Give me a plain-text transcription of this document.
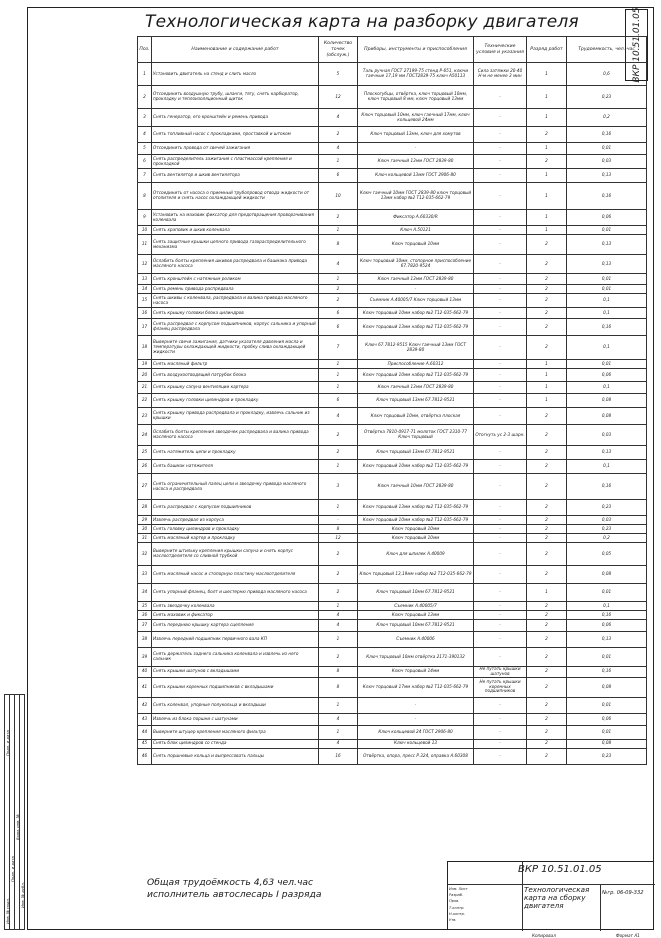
Технологическая карта на разборку двигателя	ВКР 10.51.01.05
Поз.	Наименование и содержание работ	Количество точек (обслуж.)	Приборы, инструменты и приспособления	Технические условия и указания	Разряд работ	Трудоемкость, чел.-час
1	Установить двигатель на стенд и слить масло	5	Таль ручная ГОСТ 27199-75 стенд Р-651, ключи гаечные 17,19 мм ГОСТ2839-75 ключ А50113	Сила затяжки 20-40 Н·м не менее 3 мин	1	0,6
2	Отсоединить воздушную трубу, шланги, тягу, снять карбюратор, прокладку и теплоизоляционный щиток	12	Плоскогубцы, отвёртка, ключ торцовый 10мм, ключ торцовый 8 мм, ключ торцовый 13мм	-	1	0,23
3	Снять генератор, его кронштейн и ремень привода	4	Ключ торцовый 10мм, ключ гаечный 17мм, ключ кольцевой 24мм	-	1	0,2
4	Снять топливный насос с прокладками, проставкой и штоком	2	Ключ торцовый 13мм, ключ для хомутов	-	2	0,16
5	Отсоединить провода от свечей зажигания	4	-	-	1	0,01
6	Снять распределитель зажигания с пластмассой крепления и прокладкой	1	Ключ гаечный 13мм ГОСТ 2839-80	-	2	0,03
7	Снять вентилятор и шкив вентилятора	6	Ключ кольцевой 13мм ГОСТ 2906-80	-	1	0,13
8	Отсоединить от насоса о приемный трубопровод отвода жидкости от отопителя и снять насос охлаждающей жидкости	10	Ключ гаечный 10мм ГОСТ 2839-80 ключ торцовый 13мм набор №2 Т12-035-662-79	-	1	0,16
9	Установить на маховик фиксатор для предотвращения проворачивания коленвала	2	Фиксатор А.60330/R	-	1	0,06
10	Снять храповик и шкив коленвала	1	Ключ А.50121	-	1	0,01
11	Снять защитные крышки цепного привода газораспределительного механизма	8	Ключ торцовый 10мм	-	2	0,13
12	Ослабить болты крепления шкивов распредвала и башмака привода масляного насоса	4	Ключ торцовый 10мм, стопорное приспособление 67.7820-9524	-	2	0,13
13	Снять кронштейн с натяжным роликом	1	Ключ гаечный 13мм ГОСТ 2839-80	-	2	0,01
14	Снять ремень привода распредвала	2	-	-	2	0,01
15	Снять шкивы с коленвала, распредвала и валика привода масляного насоса	2	Съемник А.40005/7 Ключ торцовый 13мм	-	2	0,1
16	Снять крышку головки блока цилиндров	6	Ключ торцовый 10мм набор №2 Т12-035-662-79	-	2	0,1
17	Снять распредвал с корпусом подшипников, корпус сальника и упорный фланец распредвала	6	Ключ торцовый 13мм набор №2 Т12-035-662-79	-	2	0,16
18	Выверните свечи зажигания, датчики указателя давления масла и температуры охлаждающей жидкости, пробку слива охлаждающей жидкости	7	Ключ 67.7812-9515 Ключ гаечный 13мм ГОСТ 2839-80	-	2	0,1
19	Снять масляный фильтр	1	Приспособление А.60312	-	1	0,01
20	Снять воздухоотводящий патрубок блока	1	Ключ торцовый 10мм набор №2 Т12-035-662-79	-	1	0,06
21	Снять крышку сапуна вентиляции картера	1	Ключ гаечный 13мм ГОСТ 2839-80	-	1	0,1
22	Снять крышку головки цилиндров и прокладку	6	Ключ торцовый 13мм 67.7812-9521	-	1	0,08
23	Снять крышку привода распредвала и прокладку, извлечь сальник из крышки	4	Ключ торцовый 10мм, отвёртка плоская	-	2	0,08
24	Ослабить болты крепления звездочек распредвала и валика привода масляного насоса	2	Отвёртка 7810-0917-71 молоток ГОСТ 2310-77 Ключ торцовый	Отогнуть ус 2-3 шарн.	2	0,03
25	Снять натяжитель цепи и прокладку	2	Ключ торцовый 13мм 67.7812-9521	-	2	0,13
26	Снять башмак натяжителя	1	Ключ торцовый 10мм набор №2 Т12-035-662-79	-	2	0,1
27	Снять ограничительный палец цепи и звездочку привода масляного насоса и распредвала	3	Ключ гаечный 10мм ГОСТ 2839-80	-	2	0,16
28	Снять распредвал с корпусом подшипников	1	Ключ торцовый 13мм набор №2 Т12-035-662-79	-	2	0,23
29	Извлечь распредвал из корпуса	-	Ключ торцовый 10мм набор №2 Т12-035-662-79	-	2	0,03
30	Снять головку цилиндров и прокладку	8	Ключ торцовый 10мм	-	2	0,23
31	Снять масляный картер и прокладку	12	Ключ торцовый 10мм	-	2	0,2
32	Выверните штильку крепления крышки сапуна и снять корпус маслоотделителя со сливной трубкой	2	Ключ для шпилек А.40009	-	2	0,05
33	Снять масляный насос и стопорную пластину маслоотделителя	2	Ключ торцовый 13,19мм набор №2 Т12-035-662-79	-	2	0,08
34	Снять упорный фланец, болт и шестерню привода масляного насоса	2	Ключ торцовый 10мм 67.7812-9521	-	1	0,01
35	Снять звездочку коленвала	1	Съемник А.40005/7	-	2	0,1
36	Снять маховик и фиксатор	4	Ключ торцовый 13мм	-	2	0,16
37	Снять переднюю крышку картера сцепления	4	Ключ торцовый 10мм 67.7812-9521	-	2	0,06
38	Извлечь передний подшипник первичного вала КП	1	Съемник А.40006	-	2	0,13
39	Снять держатель заднего сальника коленвала и извлечь из него сальник	2	Ключ торцовый 10мм отвёртка 2171-390132	-	2	0,01
40	Снять крышки шатунов с вкладышами	8	Ключ торцовый 14мм	Не путать крышки шатунов	2	0,16
41	Снять крышки коренных подшипников с вкладышами	8	Ключ торцовый 17мм набор №2 Т12-035-662-79	Не путать крышки коренных подшипников	2	0,08
42	Снять коленвал, упорные полукольца и вкладыши	1	-	-	2	0,01
43	Извлечь из блока поршни с шатунами	4	-	-	2	0,06
44	Выверните штуцер крепления масляного фильтра	1	Ключ кольцевой 24 ГОСТ 2906-80	-	2	0,01
45	Снять блок цилиндров со стенда	4	Ключ кольцевой 13	-	2	0,08
46	Снять поршневые кольца и выпрессовать пальцы	16	Отвёртка, опора, пресс Р.324, оправка А.60308	-	2	0,23
Общая трудоёмкость 4,63 чел.час
исполнитель автослесарь I разряда
ВКР 10.51.01.05
Технологическая карта на сборку двигателя
№гр. 06-09-332
Изм. Лист
Разраб.
Пров.
Т.контр.
Н.контр.
Утв.
Копировал	Формат А1
Инв. № подл.
Подп. и дата
Взам. инв. №
Инв. № дубл.
Подп. и дата
